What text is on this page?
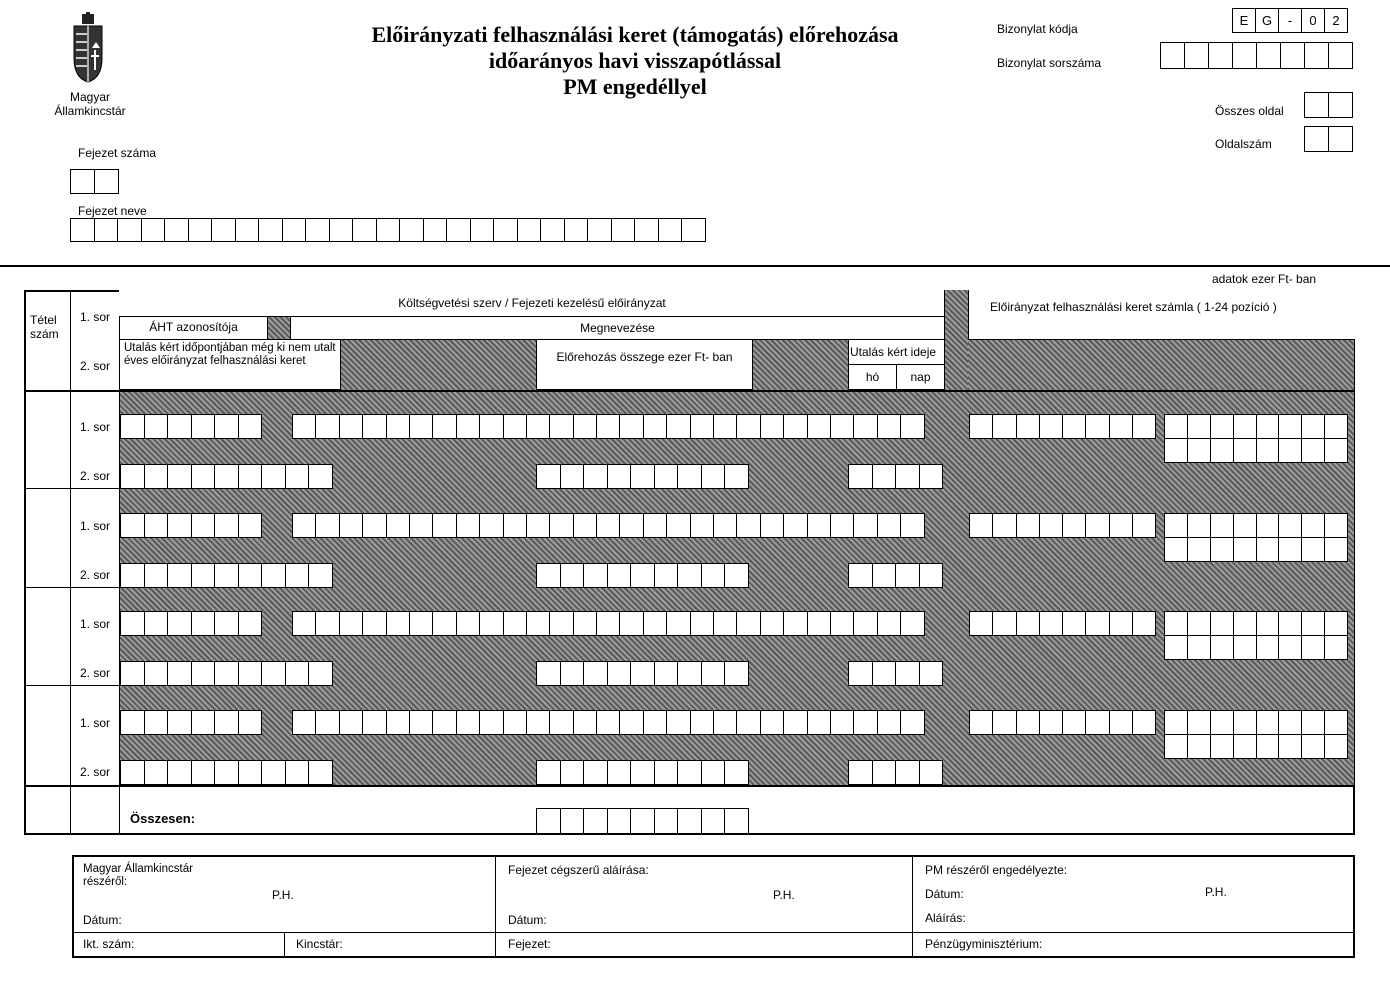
Magyar
Államkincstár
Előirányzati felhasználási keret (támogatás) előrehozása
időarányos havi visszapótlással
PM engedéllyel
Bizonylat kódja
E	G	-	0	2
Bizonylat sorszáma
Összes oldal
Oldalszám
Fejezet száma
Fejezet neve
adatok ezer Ft- ban
Tétel szám
1. sor
2. sor
Költségvetési szerv / Fejezeti kezelésű előirányzat
ÁHT azonosítója	Megnevezése
Utalás kért időpontjában még ki nem utalt éves előirányzat felhasználási keret	Előrehozás összege ezer Ft- ban	Utalás kért ideje
hó	nap
Előirányzat felhasználási keret számla ( 1-24 pozíció )
1. sor
2. sor
1. sor
2. sor
1. sor
2. sor
1. sor
2. sor
Összesen:
Magyar Államkincstár
részéről:
P.H.
Dátum:
Ikt. szám:	Kincstár:
Fejezet cégszerű aláírása:
P.H.
Dátum:
Fejezet:
PM részéről engedélyezte:
P.H.
Dátum:
Aláírás:
Pénzügyminisztérium:
